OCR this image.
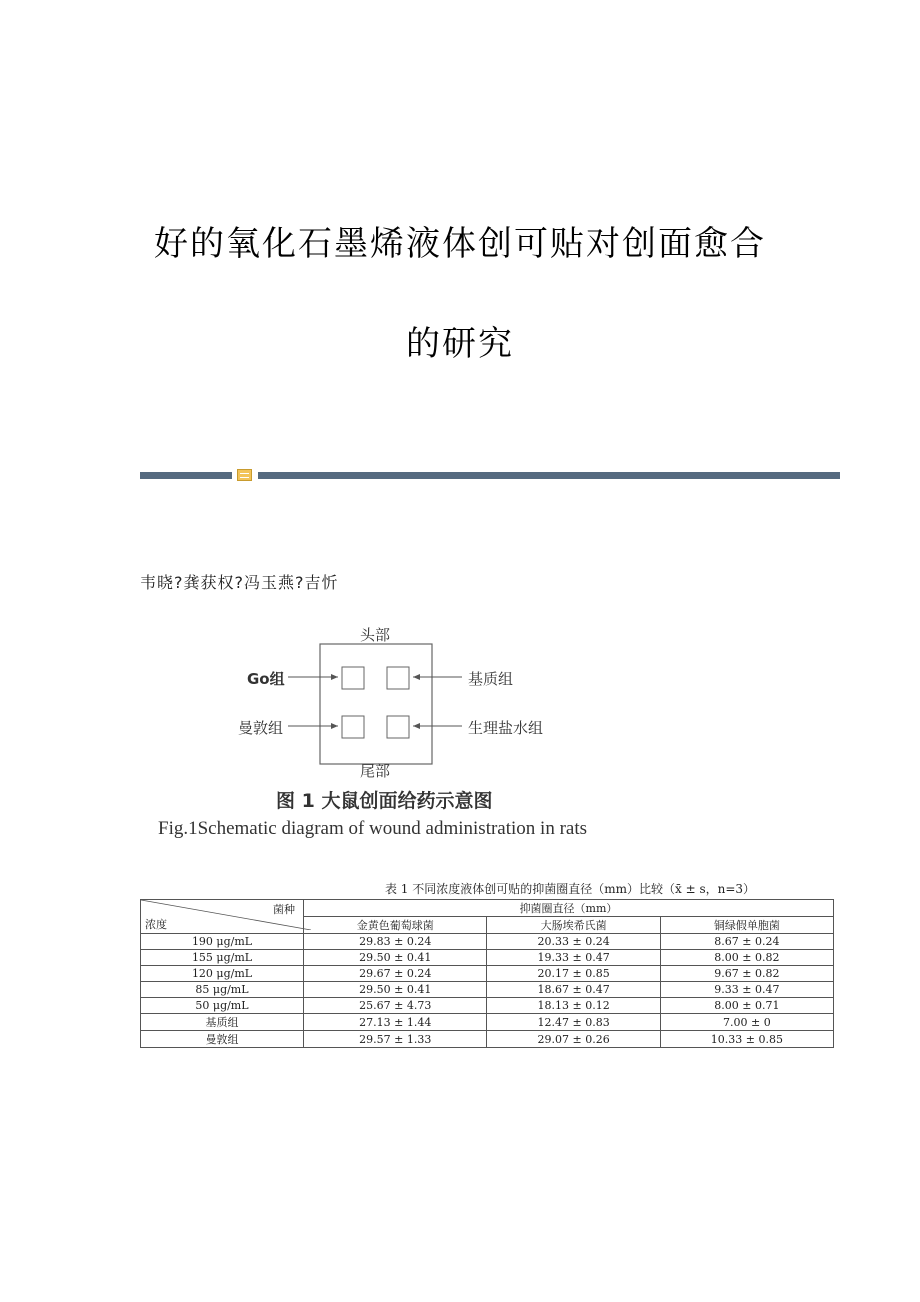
好的氧化石墨烯液体创可贴对创面愈合
的研究
韦晓?龚获权?冯玉燕?吉忻
头部
尾部
Go组
曼敦组
基质组
生理盐水组
图 1 大鼠创面给药示意图
Fig.1Schematic diagram of wound administration in rats
表 1 不同浓度液体创可贴的抑菌圈直径（mm）比较（x̄ ± s，n=3）
菌种
浓度	抑菌圈直径（mm）		
	金黄色葡萄球菌	大肠埃希氏菌	铜绿假单胞菌
190 μg/mL	29.83 ± 0.24	20.33 ± 0.24	8.67 ± 0.24
155 μg/mL	29.50 ± 0.41	19.33 ± 0.47	8.00 ± 0.82
120 μg/mL	29.67 ± 0.24	20.17 ± 0.85	9.67 ± 0.82
85 μg/mL	29.50 ± 0.41	18.67 ± 0.47	9.33 ± 0.47
50 μg/mL	25.67 ± 4.73	18.13 ± 0.12	8.00 ± 0.71
基质组	27.13 ± 1.44	12.47 ± 0.83	7.00 ± 0
曼敦组	29.57 ± 1.33	29.07 ± 0.26	10.33 ± 0.85
